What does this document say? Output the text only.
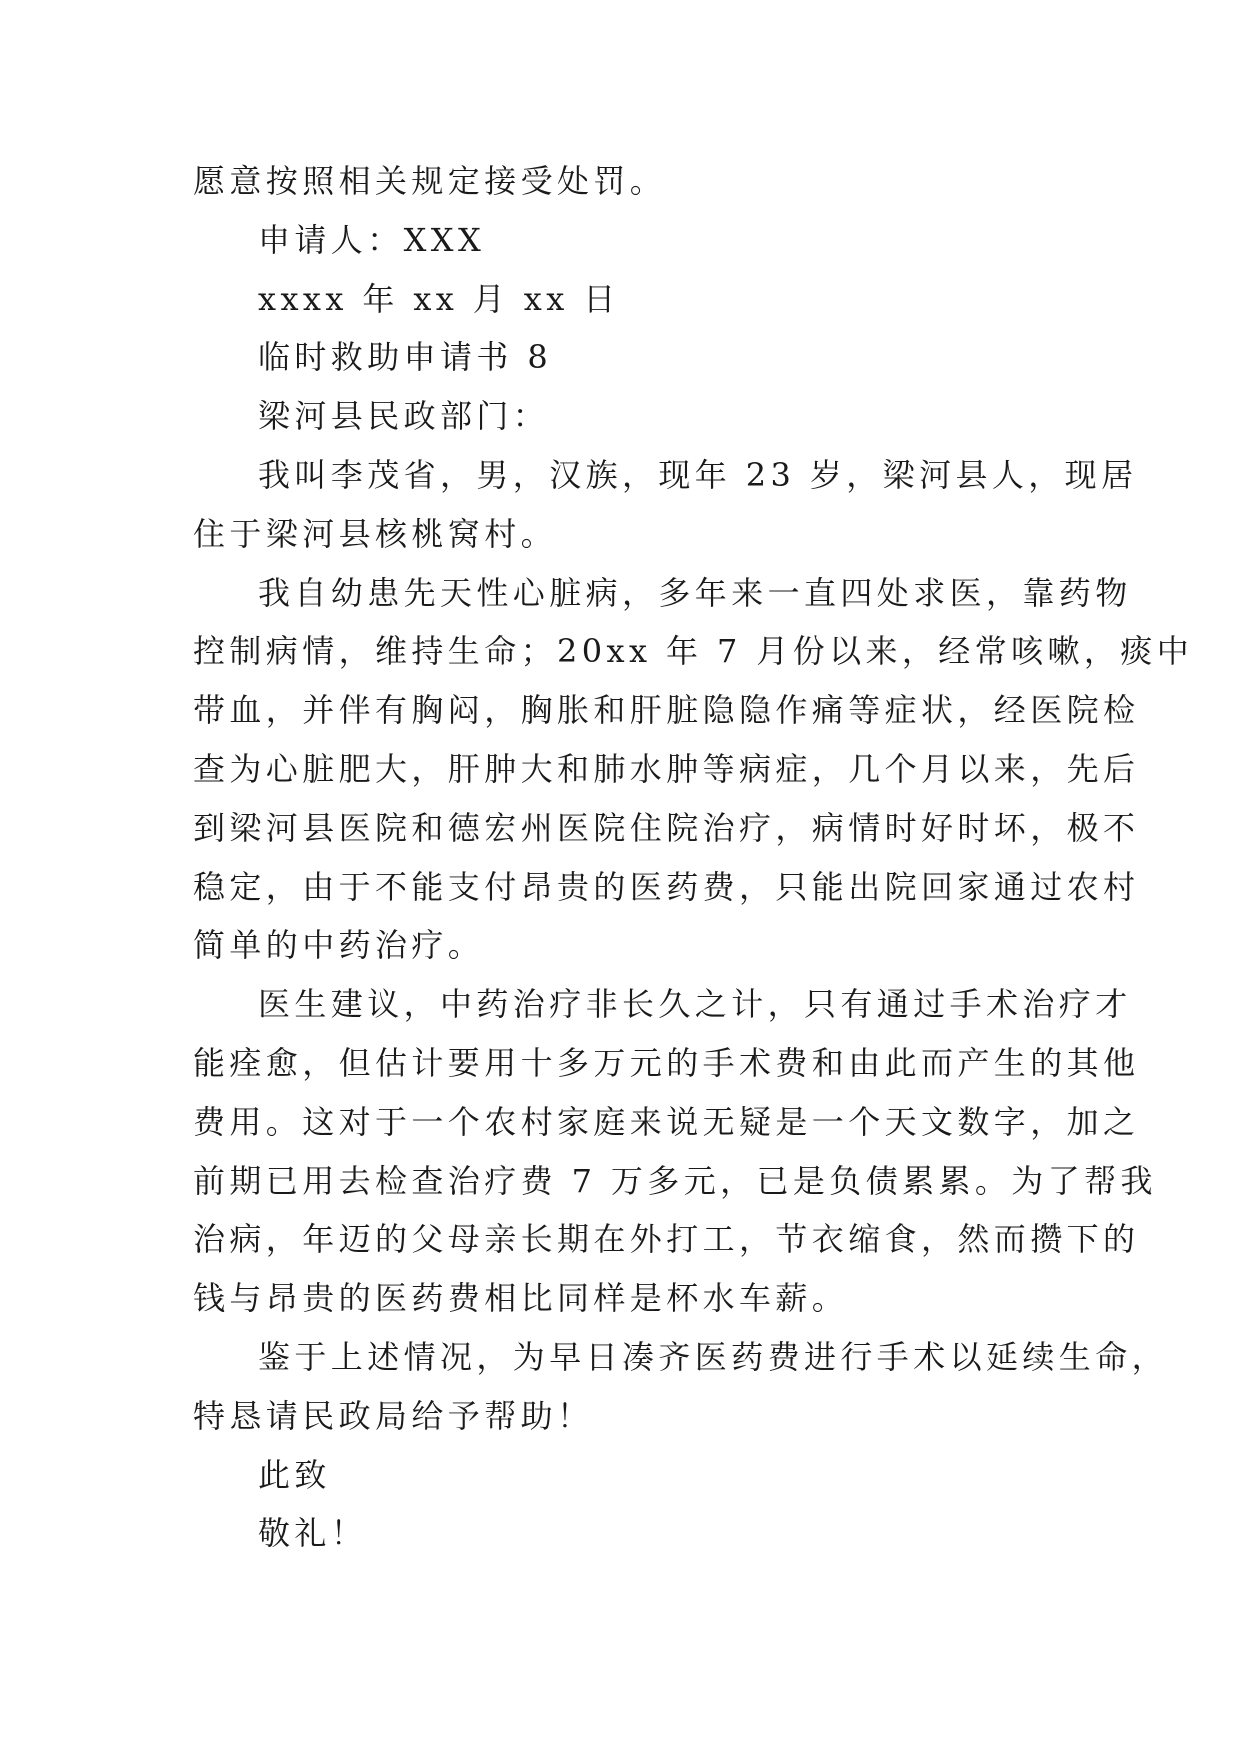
愿意按照相关规定接受处罚。
申请人：XXX
xxxx 年 xx 月 xx 日
临时救助申请书 8
梁河县民政部门：
我叫李茂省，男，汉族，现年 23 岁，梁河县人，现居
住于梁河县核桃窝村。
我自幼患先天性心脏病，多年来一直四处求医，靠药物
控制病情，维持生命；20xx 年 7 月份以来，经常咳嗽，痰中
带血，并伴有胸闷，胸胀和肝脏隐隐作痛等症状，经医院检
查为心脏肥大，肝肿大和肺水肿等病症，几个月以来，先后
到梁河县医院和德宏州医院住院治疗，病情时好时坏，极不
稳定，由于不能支付昂贵的医药费，只能出院回家通过农村
简单的中药治疗。
医生建议，中药治疗非长久之计，只有通过手术治疗才
能痊愈，但估计要用十多万元的手术费和由此而产生的其他
费用。这对于一个农村家庭来说无疑是一个天文数字，加之
前期已用去检查治疗费 7 万多元，已是负债累累。为了帮我
治病，年迈的父母亲长期在外打工，节衣缩食，然而攒下的
钱与昂贵的医药费相比同样是杯水车薪。
鉴于上述情况，为早日凑齐医药费进行手术以延续生命，
特恳请民政局给予帮助！
此致
敬礼！
